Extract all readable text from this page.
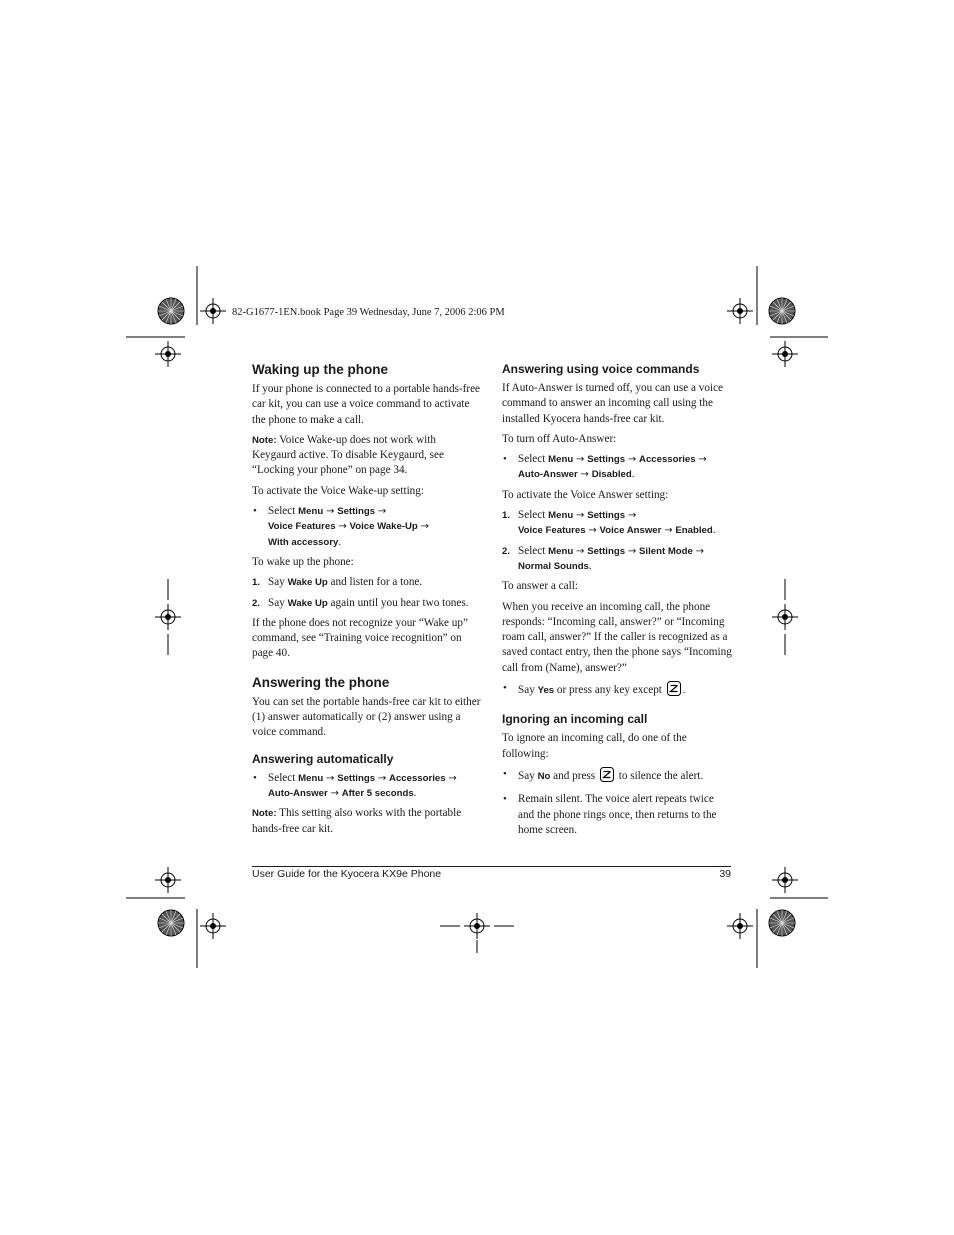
82-G1677-1EN.book Page 39 Wednesday, June 7, 2006 2:06 PM
Waking up the phone

If your phone is connected to a portable hands-free car kit, you can use a voice command to activate the phone to make a call.

Note: Voice Wake-up does not work with Keygaurd active. To disable Keygaurd, see “Locking your phone” on page 34.

To activate the Voice Wake-up setting:

• Select Menu → Settings →
Voice Features → Voice Wake-Up →
With accessory.

To wake up the phone:

1. Say Wake Up and listen for a tone.
2. Say Wake Up again until you hear two tones.

If the phone does not recognize your “Wake up” command, see “Training voice recognition” on page 40.

Answering the phone

You can set the portable hands-free car kit to either (1) answer automatically or (2) answer using a voice command.

Answering automatically
• Select Menu → Settings → Accessories →
Auto-Answer → After 5 seconds.

Note: This setting also works with the portable hands-free car kit.

Answering using voice commands

If Auto-Answer is turned off, you can use a voice command to answer an incoming call using the installed Kyocera hands-free car kit.

To turn off Auto-Answer:

• Select Menu → Settings → Accessories →
Auto-Answer → Disabled.

To activate the Voice Answer setting:

1. Select Menu → Settings →
Voice Features → Voice Answer → Enabled.
2. Select Menu → Settings → Silent Mode →
Normal Sounds.

To answer a call:

When you receive an incoming call, the phone responds: “Incoming call, answer?” or “Incoming roam call, answer?” If the caller is recognized as a saved contact entry, then the phone says “Incoming call from (Name), answer?”

• Say Yes or press any key except .
Ignoring an incoming call

To ignore an incoming call, do one of the following:

• Say No and press to silence the alert.
• Remain silent. The voice alert repeats twice and the phone rings once, then returns to the home screen.
User Guide for the Kyocera KX9e Phone	39
